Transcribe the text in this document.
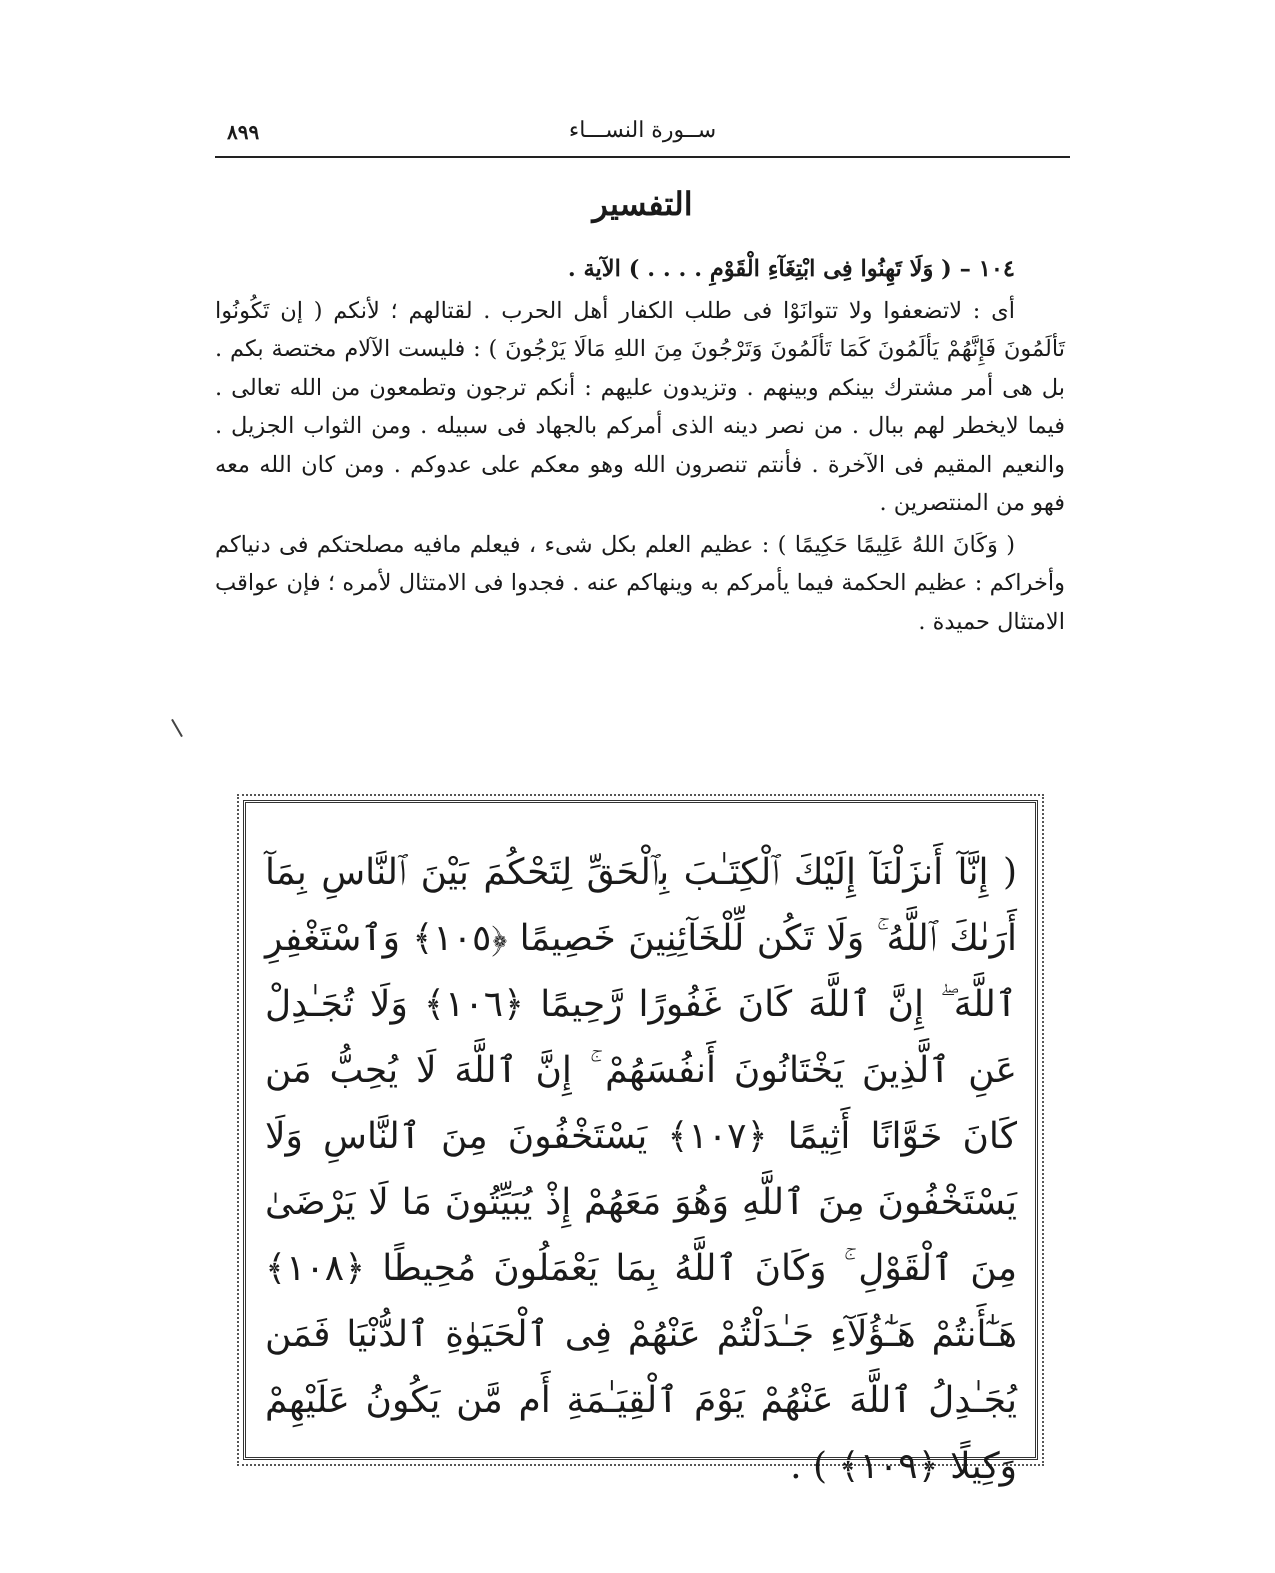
ســورة النســـاء
٨٩٩
التفسير

١٠٤ – ( وَلَا تَهِنُوا فِى ابْتِغَآءِ الْقَوْمِ . . . . ) الآية .

أى : لاتضعفوا ولا تتوانَوْا فى طلب الكفار أهل الحرب . لقتالهم ؛ لأنكم ( إن تَكُونُوا تَألَمُونَ فَإِنَّهُمْ يَألَمُونَ كَمَا تَألَمُونَ وَتَرْجُونَ مِنَ اللهِ مَالَا يَرْجُونَ ) : فليست الآلام مختصة بكم . بل هى أمر مشترك بينكم وبينهم . وتزيدون عليهم : أنكم ترجون وتطمعون من الله تعالى . فيما لايخطر لهم ببال . من نصر دينه الذى أمركم بالجهاد فى سبيله . ومن الثواب الجزيل . والنعيم المقيم فى الآخرة . فأنتم تنصرون الله وهو معكم على عدوكم . ومن كان الله معه فهو من المنتصرين .

( وَكَانَ اللهُ عَلِيمًا حَكِيمًا ) : عظيم العلم بكل شىء ، فيعلم مافيه مصلحتكم فى دنياكم وأخراكم : عظيم الحكمة فيما يأمركم به وينهاكم عنه . فجدوا فى الامتثال لأمره ؛ فإن عواقب الامتثال حميدة .

( إِنَّآ أَنزَلْنَآ إِلَيْكَ ٱلْكِتَـٰبَ بِٱلْحَقِّ لِتَحْكُمَ بَيْنَ ٱلنَّاسِ بِمَآ أَرَىٰكَ ٱللَّهُ ۚ وَلَا تَكُن لِّلْخَآئِنِينَ خَصِيمًا ﴿١٠٥﴾ وَٱسْتَغْفِرِ ٱللَّهَ ۖ إِنَّ ٱللَّهَ كَانَ غَفُورًا رَّحِيمًا ﴿١٠٦﴾ وَلَا تُجَـٰدِلْ عَنِ ٱلَّذِينَ يَخْتَانُونَ أَنفُسَهُمْ ۚ إِنَّ ٱللَّهَ لَا يُحِبُّ مَن كَانَ خَوَّانًا أَثِيمًا ﴿١٠٧﴾ يَسْتَخْفُونَ مِنَ ٱلنَّاسِ وَلَا يَسْتَخْفُونَ مِنَ ٱللَّهِ وَهُوَ مَعَهُمْ إِذْ يُبَيِّتُونَ مَا لَا يَرْضَىٰ مِنَ ٱلْقَوْلِ ۚ وَكَانَ ٱللَّهُ بِمَا يَعْمَلُونَ مُحِيطًا ﴿١٠٨﴾ هَـٰٓأَنتُمْ هَـٰٓؤُلَآءِ جَـٰدَلْتُمْ عَنْهُمْ فِى ٱلْحَيَوٰةِ ٱلدُّنْيَا فَمَن يُجَـٰدِلُ ٱللَّهَ عَنْهُمْ يَوْمَ ٱلْقِيَـٰمَةِ أَم مَّن يَكُونُ عَلَيْهِمْ وَكِيلًا ﴿١٠٩﴾ ) .
